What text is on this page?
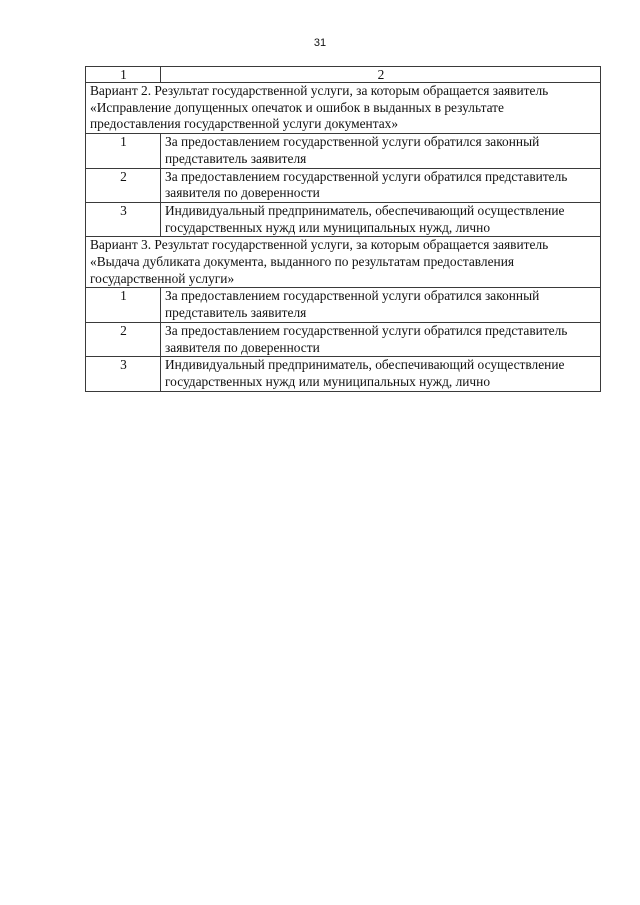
31
1	2
Вариант 2. Результат государственной услуги, за которым обращается заявитель «Исправление допущенных опечаток и ошибок в выданных в результате предоставления государственной услуги документах»	
1	За предоставлением государственной услуги обратился законный представитель заявителя
2	За предоставлением государственной услуги обратился представитель заявителя по доверенности
3	Индивидуальный предприниматель, обеспечивающий осуществление государственных нужд или муниципальных нужд, лично
Вариант 3. Результат государственной услуги, за которым обращается заявитель «Выдача дубликата документа, выданного по результатам предоставления государственной услуги»	
1	За предоставлением государственной услуги обратился законный представитель заявителя
2	За предоставлением государственной услуги обратился представитель заявителя по доверенности
3	Индивидуальный предприниматель, обеспечивающий осуществление государственных нужд или муниципальных нужд, лично
